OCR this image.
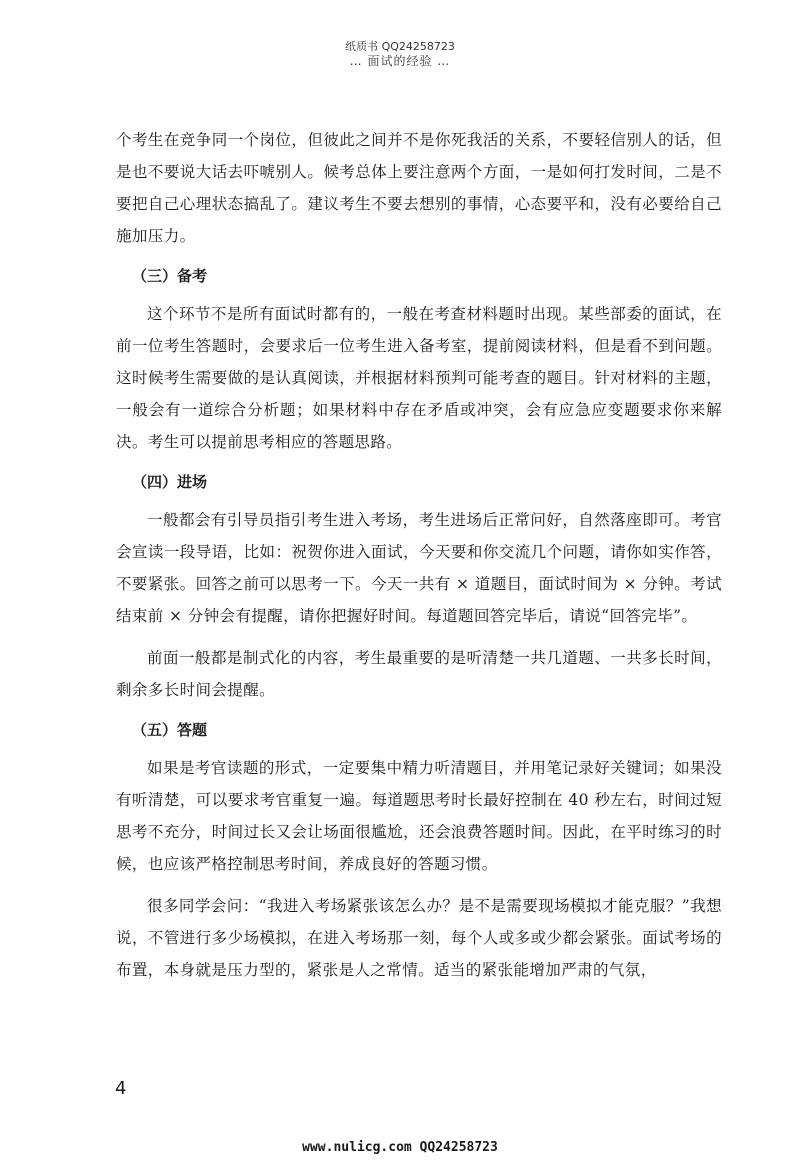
纸质书 QQ24258723
… 面试的经验 …

个考生在竞争同一个岗位，但彼此之间并不是你死我活的关系，不要轻信别人的话，但是也不要说大话去吓唬别人。候考总体上要注意两个方面，一是如何打发时间，二是不要把自己心理状态搞乱了。建议考生不要去想别的事情，心态要平和，没有必要给自己施加压力。

（三）备考

这个环节不是所有面试时都有的，一般在考查材料题时出现。某些部委的面试，在前一位考生答题时，会要求后一位考生进入备考室，提前阅读材料，但是看不到问题。这时候考生需要做的是认真阅读，并根据材料预判可能考查的题目。针对材料的主题，一般会有一道综合分析题；如果材料中存在矛盾或冲突，会有应急应变题要求你来解决。考生可以提前思考相应的答题思路。

（四）进场

一般都会有引导员指引考生进入考场，考生进场后正常问好，自然落座即可。考官会宣读一段导语，比如：祝贺你进入面试，今天要和你交流几个问题，请你如实作答，不要紧张。回答之前可以思考一下。今天一共有 × 道题目，面试时间为 × 分钟。考试结束前 × 分钟会有提醒，请你把握好时间。每道题回答完毕后，请说“回答完毕”。

前面一般都是制式化的内容，考生最重要的是听清楚一共几道题、一共多长时间，剩余多长时间会提醒。

（五）答题

如果是考官读题的形式，一定要集中精力听清题目，并用笔记录好关键词；如果没有听清楚，可以要求考官重复一遍。每道题思考时长最好控制在 40 秒左右，时间过短思考不充分，时间过长又会让场面很尴尬，还会浪费答题时间。因此，在平时练习的时候，也应该严格控制思考时间，养成良好的答题习惯。

很多同学会问：“我进入考场紧张该怎么办？是不是需要现场模拟才能克服？”我想说，不管进行多少场模拟，在进入考场那一刻，每个人或多或少都会紧张。面试考场的布置，本身就是压力型的，紧张是人之常情。适当的紧张能增加严肃的气氛，

4
www.nulicg.com QQ24258723
